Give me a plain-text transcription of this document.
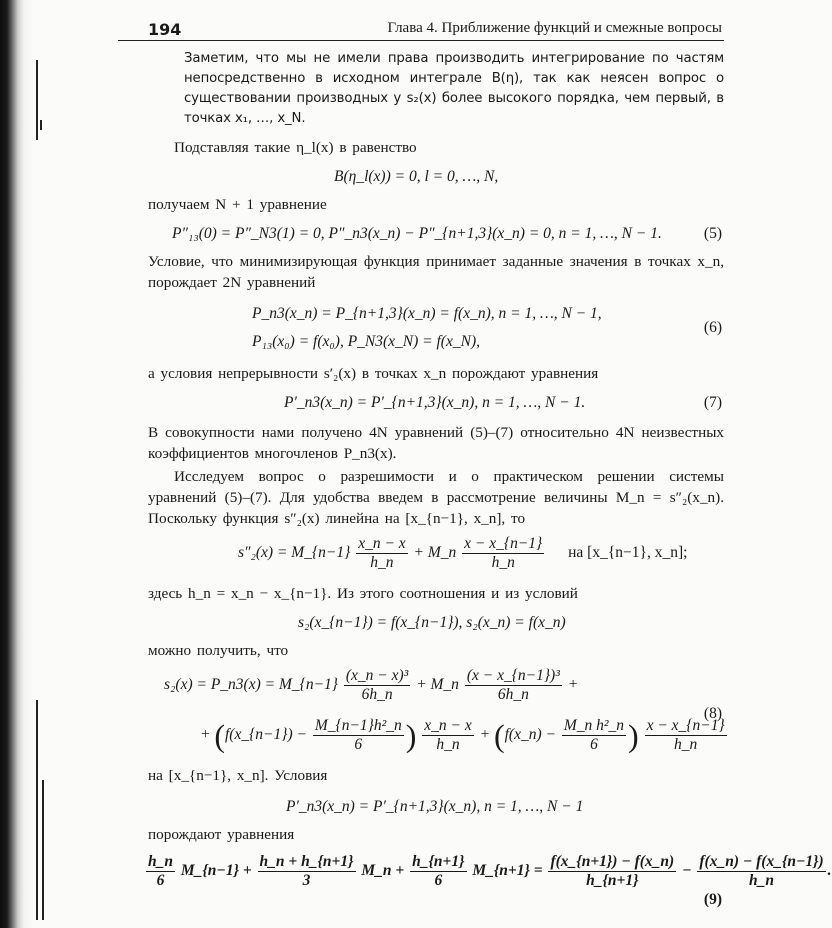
194	Глава 4. Приближение функций и смежные вопросы
Заметим, что мы не имели права производить интегрирование по частям непосредственно в исходном интеграле B(η), так как неясен вопрос о существовании производных у s₂(x) более высокого порядка, чем первый, в точках x₁, …, x_N.
Подставляя такие η_l(x) в равенство
B(η_l(x)) = 0, l = 0, …, N,
получаем N + 1 уравнение
P″₁₃(0) = P″_N3(1) = 0, P″_n3(x_n) − P″_{n+1,3}(x_n) = 0, n = 1, …, N − 1.	(5)
Условие, что минимизирующая функция принимает заданные значения в точках x_n, порождает 2N уравнений
P_n3(x_n) = P_{n+1,3}(x_n) = f(x_n), n = 1, …, N − 1,
P₁₃(x₀) = f(x₀), P_N3(x_N) = f(x_N),
(6)
а условия непрерывности s′₂(x) в точках x_n порождают уравнения
P′_n3(x_n) = P′_{n+1,3}(x_n), n = 1, …, N − 1.	(7)
В совокупности нами получено 4N уравнений (5)–(7) относительно 4N неизвестных коэффициентов многочленов P_n3(x).
Исследуем вопрос о разрешимости и о практическом решении системы уравнений (5)–(7). Для удобства введем в рассмотрение величины M_n = s″₂(x_n). Поскольку функция s″₂(x) линейна на [x_{n−1}, x_n], то
s″₂(x) = M_{n−1} $\frac{x\_n - x}{h\_n}$ + M_n $\frac{x - x\_\{n-1\}}{h\_n}$ на [x_{n−1}, x_n];
здесь h_n = x_n − x_{n−1}. Из этого соотношения и из условий
s₂(x_{n−1}) = f(x_{n−1}), s₂(x_n) = f(x_n)
можно получить, что
s₂(x) = P_n3(x) = M_{n−1} $\frac{\text{(x\_n − x)³}}{6h\_n}$ + M_n $\frac{\text{(x − x\_\{n−1\})³}}{6h\_n}$ +
+ (f(x_{n−1}) − $\frac{\text{M\_\{n−1\}h²\_n}}{6}$ ) $\frac{x\_n - x}{h\_n}$ + (f(x_n) − $\frac{\text{M\_n h²\_n}}{6}$ ) $\frac{x - x\_\{n-1\}}{h\_n}$
(8)
на [x_{n−1}, x_n]. Условия
P′_n3(x_n) = P′_{n+1,3}(x_n), n = 1, …, N − 1
порождают уравнения
$\frac{h\_n}{6}$ M_{n−1} + $\frac{h\_n + h\_\{n+1\}}{3}$ M_n + $\frac{h\_\{n+1\}}{6}$ M_{n+1} = $\frac{f(x\_\{n+1\}) - f(x\_n)}{h\_\{n+1\}} - \frac{f(x\_n) - f(x\_\{n-1\})}{h\_n}$ .
(9)
